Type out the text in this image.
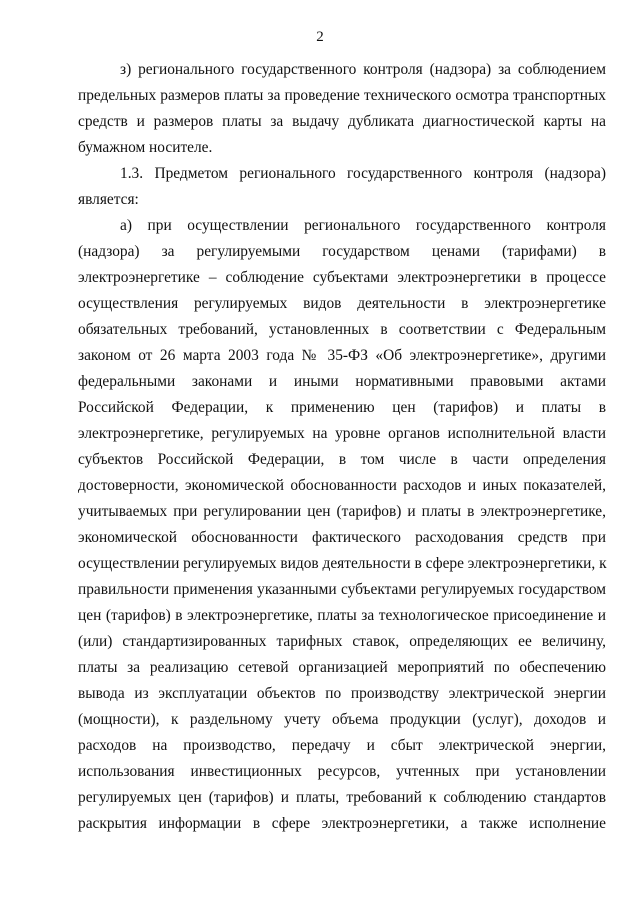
2
з) регионального государственного контроля (надзора) за соблюдением
предельных размеров платы за проведение технического осмотра транспортных
средств и размеров платы за выдачу дубликата диагностической карты на
бумажном носителе.
1.3. Предметом регионального государственного контроля (надзора)
является:
а) при осуществлении регионального государственного контроля
(надзора) за регулируемыми государством ценами (тарифами) в
электроэнергетике – соблюдение субъектами электроэнергетики в процессе
осуществления регулируемых видов деятельности в электроэнергетике
обязательных требований, установленных в соответствии с Федеральным
законом от 26 марта 2003 года № 35-ФЗ «Об электроэнергетике», другими
федеральными законами и иными нормативными правовыми актами
Российской Федерации, к применению цен (тарифов) и платы в
электроэнергетике, регулируемых на уровне органов исполнительной власти
субъектов Российской Федерации, в том числе в части определения
достоверности, экономической обоснованности расходов и иных показателей,
учитываемых при регулировании цен (тарифов) и платы в электроэнергетике,
экономической обоснованности фактического расходования средств при
осуществлении регулируемых видов деятельности в сфере электроэнергетики, к
правильности применения указанными субъектами регулируемых государством
цен (тарифов) в электроэнергетике, платы за технологическое присоединение и
(или) стандартизированных тарифных ставок, определяющих ее величину,
платы за реализацию сетевой организацией мероприятий по обеспечению
вывода из эксплуатации объектов по производству электрической энергии
(мощности), к раздельному учету объема продукции (услуг), доходов и
расходов на производство, передачу и сбыт электрической энергии,
использования инвестиционных ресурсов, учтенных при установлении
регулируемых цен (тарифов) и платы, требований к соблюдению стандартов
раскрытия информации в сфере электроэнергетики, а также исполнение
